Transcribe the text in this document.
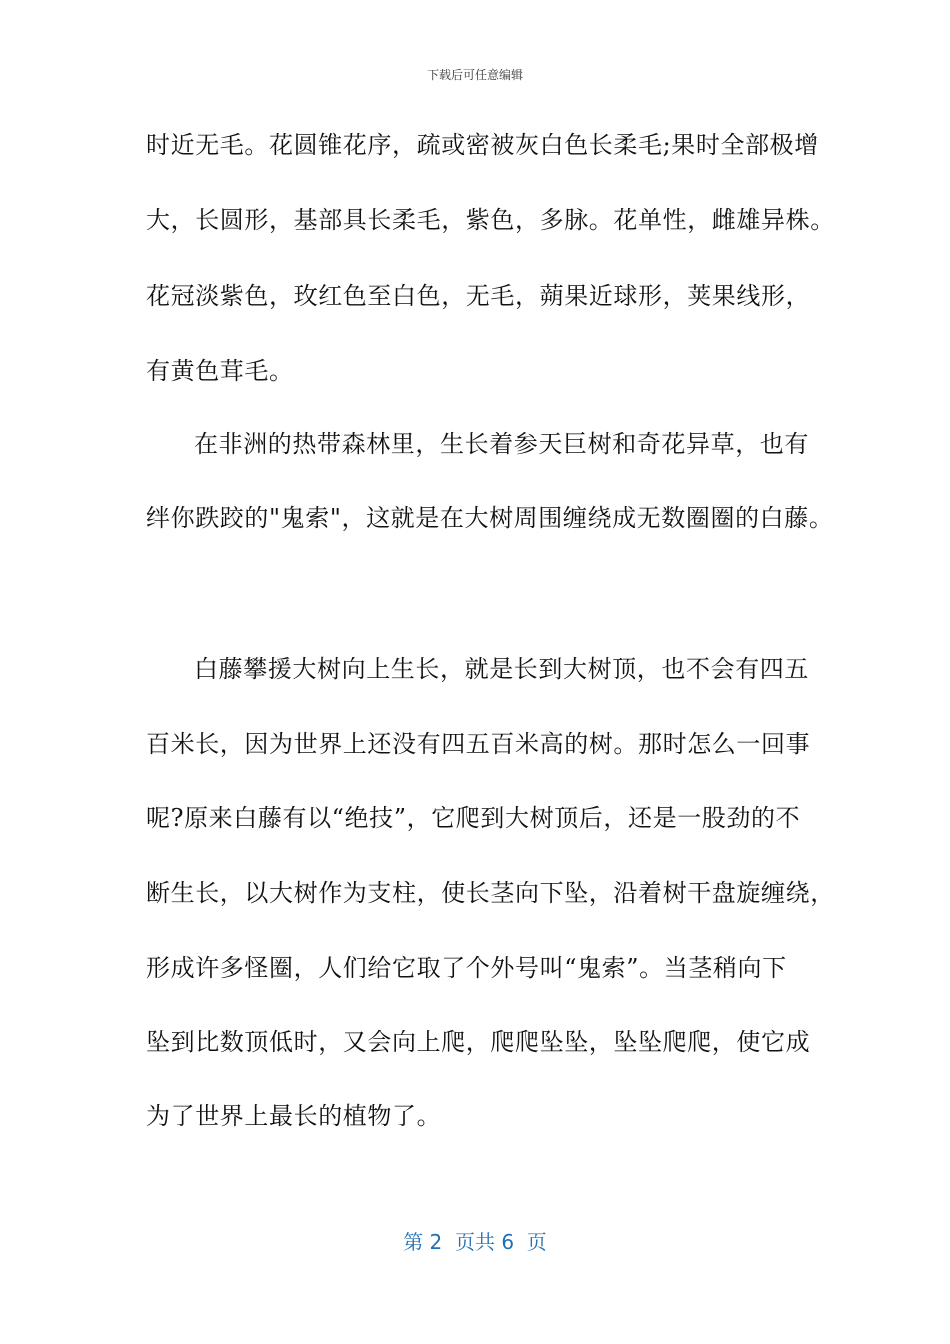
下载后可任意编辑
时近无毛。花圆锥花序，疏或密被灰白色长柔毛;果时全部极增
大，长圆形，基部具长柔毛，紫色，多脉。花单性，雌雄异株。
花冠淡紫色，玫红色至白色，无毛，蒴果近球形，荚果线形，
有黄色茸毛。
在非洲的热带森林里，生长着参天巨树和奇花异草，也有
绊你跌跤的"鬼索"，这就是在大树周围缠绕成无数圈圈的白藤。
白藤攀援大树向上生长，就是长到大树顶，也不会有四五
百米长，因为世界上还没有四五百米高的树。那时怎么一回事
呢?原来白藤有以“绝技”，它爬到大树顶后，还是一股劲的不
断生长，以大树作为支柱，使长茎向下坠，沿着树干盘旋缠绕，
形成许多怪圈，人们给它取了个外号叫“鬼索”。当茎稍向下
坠到比数顶低时，又会向上爬，爬爬坠坠，坠坠爬爬，使它成
为了世界上最长的植物了。
第 2  页共 6  页
